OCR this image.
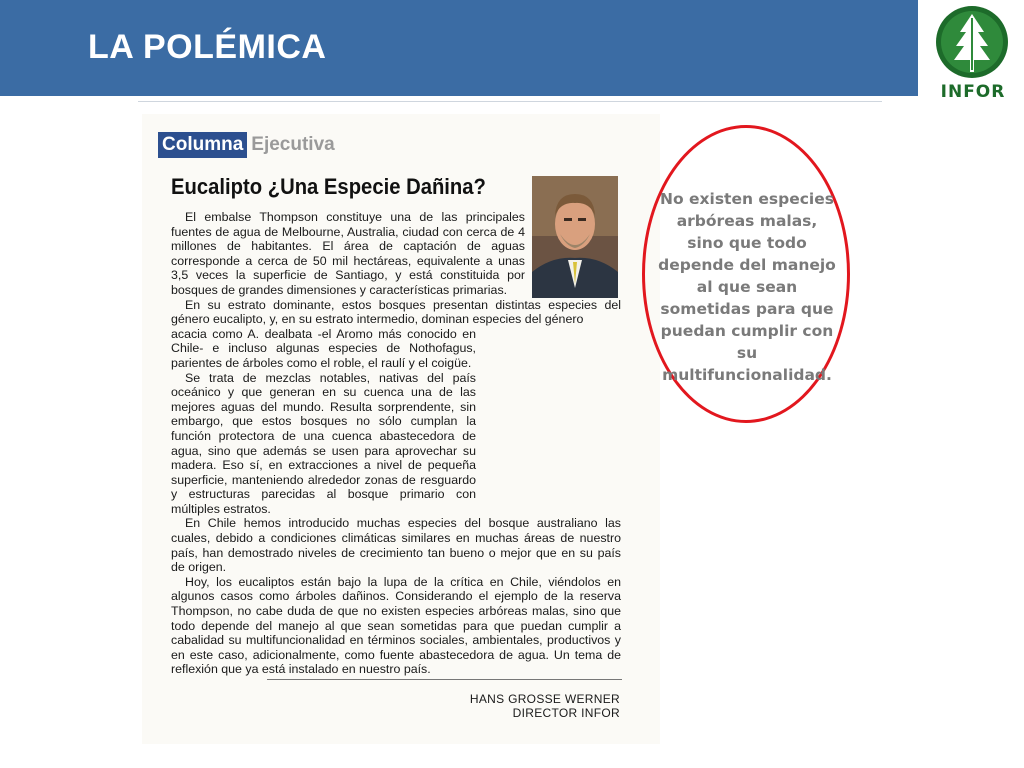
LA POLÉMICA
INFOR
Columna Ejecutiva
Eucalipto ¿Una Especie Dañina?

El embalse Thompson constituye una de las principales fuentes de agua de Melbourne, Australia, ciudad con cerca de 4 millones de habitantes. El área de captación de aguas corresponde a cerca de 50 mil hectáreas, equivalente a unas 3,5 veces la superficie de Santiago, y está constituida por bosques de grandes dimensiones y características primarias.

En su estrato dominante, estos bosques presentan distintas especies del género eucalipto, y, en su estrato intermedio, dominan especies del género

acacia como A. dealbata -el Aromo más conocido en Chile- e incluso algunas especies de Nothofagus, parientes de árboles como el roble, el raulí y el coigüe.

Se trata de mezclas notables, nativas del país oceánico y que generan en su cuenca una de las mejores aguas del mundo. Resulta sorprendente, sin embargo, que estos bosques no sólo cumplan la función protectora de una cuenca abastecedora de agua, sino que además se usen para aprovechar su madera. Eso sí, en extracciones a nivel de pequeña superficie, manteniendo alrededor zonas de resguardo y estructuras parecidas al bosque primario con múltiples estratos.

En Chile hemos introducido muchas especies del bosque australiano las cuales, debido a condiciones climáticas similares en muchas áreas de nuestro país, han demostrado niveles de crecimiento tan bueno o mejor que en su país de origen.

Hoy, los eucaliptos están bajo la lupa de la crítica en Chile, viéndolos en algunos casos como árboles dañinos. Considerando el ejemplo de la reserva Thompson, no cabe duda de que no existen especies arbóreas malas, sino que todo depende del manejo al que sean sometidas para que puedan cumplir a cabalidad su multifuncionalidad en términos sociales, ambientales, productivos y en este caso, adicionalmente, como fuente abastecedora de agua. Un tema de reflexión que ya está instalado en nuestro país.

HANS GROSSE WERNER
DIRECTOR INFOR
No existen especies arbóreas malas, sino que todo depende del manejo al que sean sometidas para que puedan cumplir con su multifuncionalidad.
